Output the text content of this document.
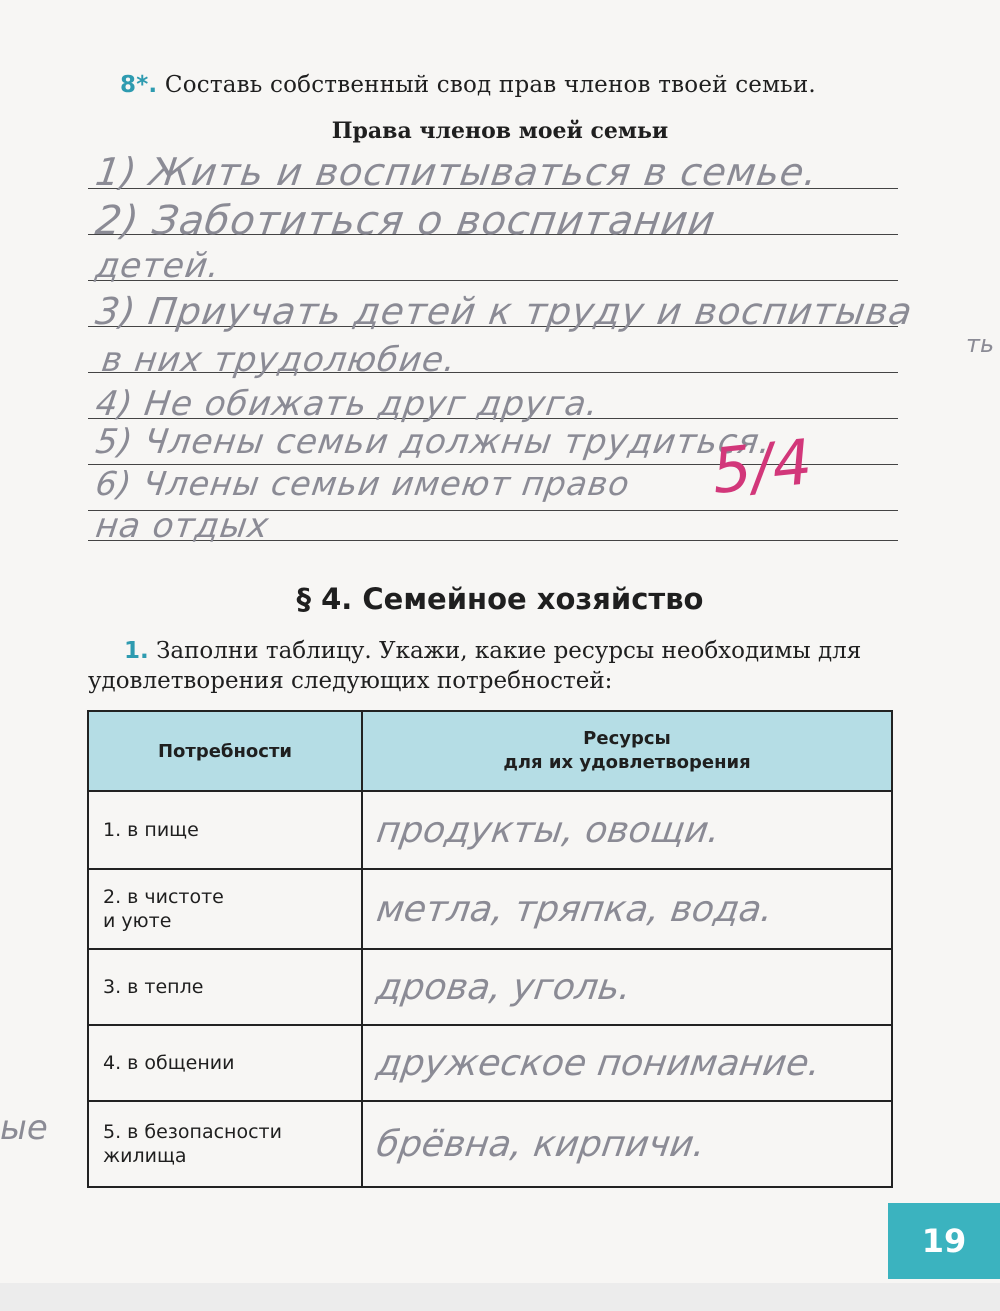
8*. Составь собственный свод прав членов твоей семьи.
Права членов моей семьи
1) Жить и воспитываться в семье.
2) Заботиться о воспитании
детей.
3) Приучать детей к труду и воспитыва
в них трудолюбие.
4) Не обижать друг друга.
5) Члены семьи должны трудиться.
6) Члены семьи имеют право
на отдых
ть
5/4
§ 4. Семейное хозяйство
1. Заполни таблицу. Укажи, какие ресурсы необходимы для удовлетворения следующих потребностей:
Потребности	Ресурсы
для их удовлетворения

1. в пище	продукты, овощи.

2. в чистоте
и уюте	метла, тряпка, вода.

3. в тепле	дрова, уголь.

4. в общении	дружеское понимание.

5. в безопасности
жилища	брёвна, кирпичи.
ые
19
